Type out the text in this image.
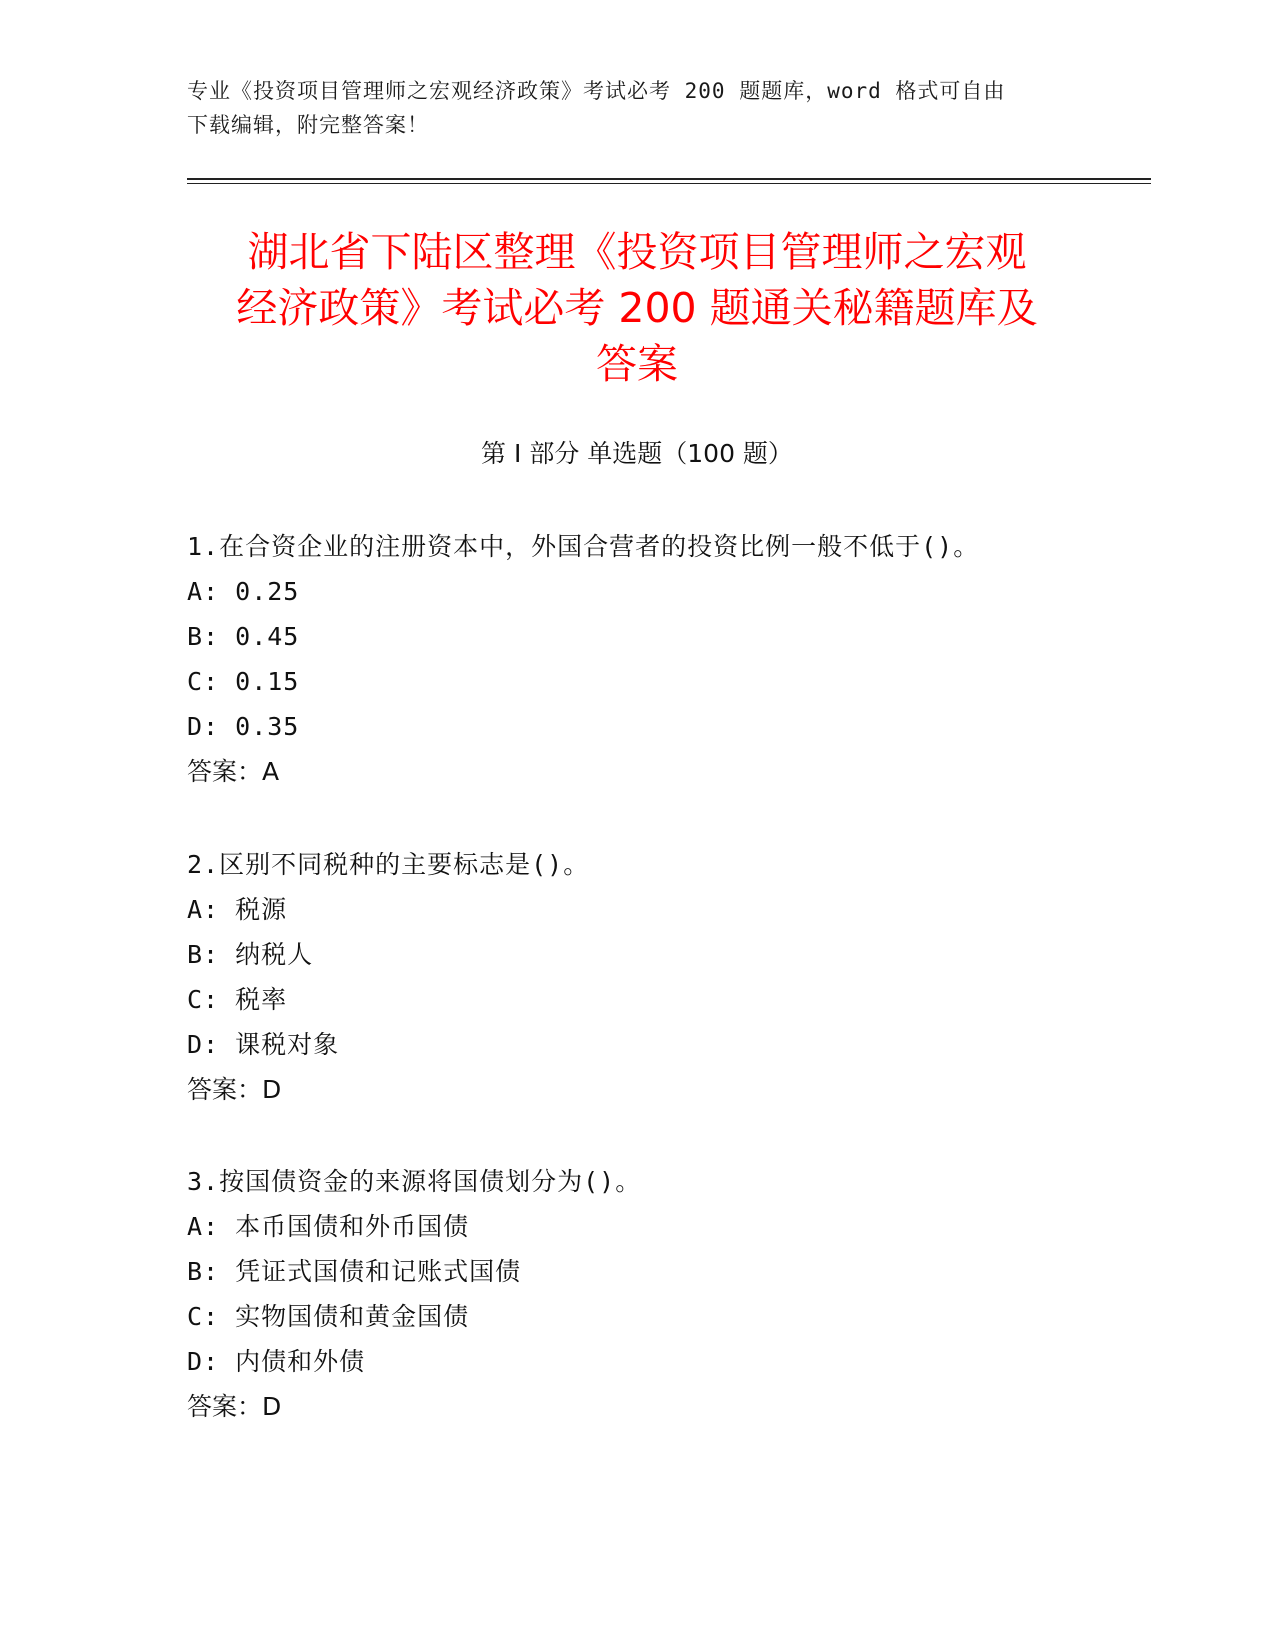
专业《投资项目管理师之宏观经济政策》考试必考 200 题题库，word 格式可自由
下载编辑，附完整答案！
湖北省下陆区整理《投资项目管理师之宏观
经济政策》考试必考 200 题通关秘籍题库及
答案
第 I 部分 单选题（100 题）
1.在合资企业的注册资本中，外国合营者的投资比例一般不低于()。
A: 0.25
B: 0.45
C: 0.15
D: 0.35
答案：A
2.区别不同税种的主要标志是()。
A: 税源
B: 纳税人
C: 税率
D: 课税对象
答案：D
3.按国债资金的来源将国债划分为()。
A: 本币国债和外币国债
B: 凭证式国债和记账式国债
C: 实物国债和黄金国债
D: 内债和外债
答案：D
